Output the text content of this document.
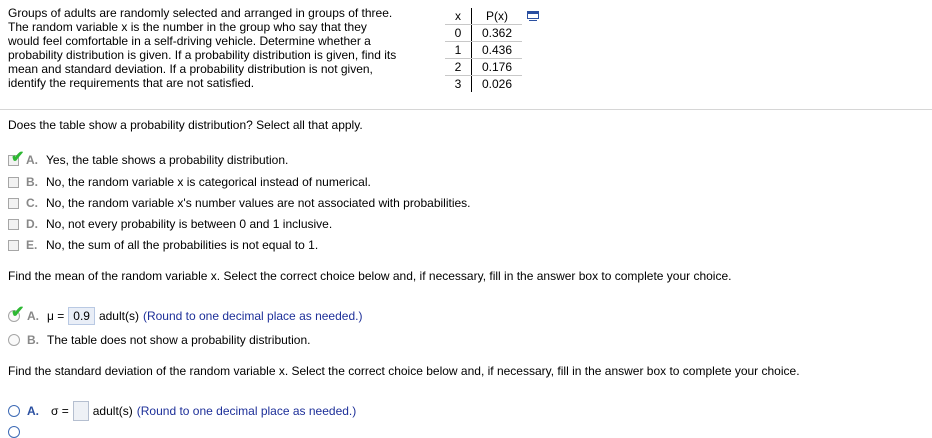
Groups of adults are randomly selected and arranged in groups of three.
The random variable x is the number in the group who say that they
would feel comfortable in a self-driving vehicle. Determine whether a
probability distribution is given. If a probability distribution is given, find its
mean and standard deviation. If a probability distribution is not given,
identify the requirements that are not satisfied.
x	P(x)
0	0.362
1	0.436
2	0.176
3	0.026
Does the table show a probability distribution? Select all that apply.
✔ A. Yes, the table shows a probability distribution.
B. No, the random variable x is categorical instead of numerical.
C. No, the random variable x's number values are not associated with probabilities.
D. No, not every probability is between 0 and 1 inclusive.
E. No, the sum of all the probabilities is not equal to 1.
Find the mean of the random variable x. Select the correct choice below and, if necessary, fill in the answer box to complete your choice.
✔ A. μ = 0.9 adult(s) (Round to one decimal place as needed.)
B. The table does not show a probability distribution.
Find the standard deviation of the random variable x. Select the correct choice below and, if necessary, fill in the answer box to complete your choice.
A.	σ = adult(s) (Round to one decimal place as needed.)
